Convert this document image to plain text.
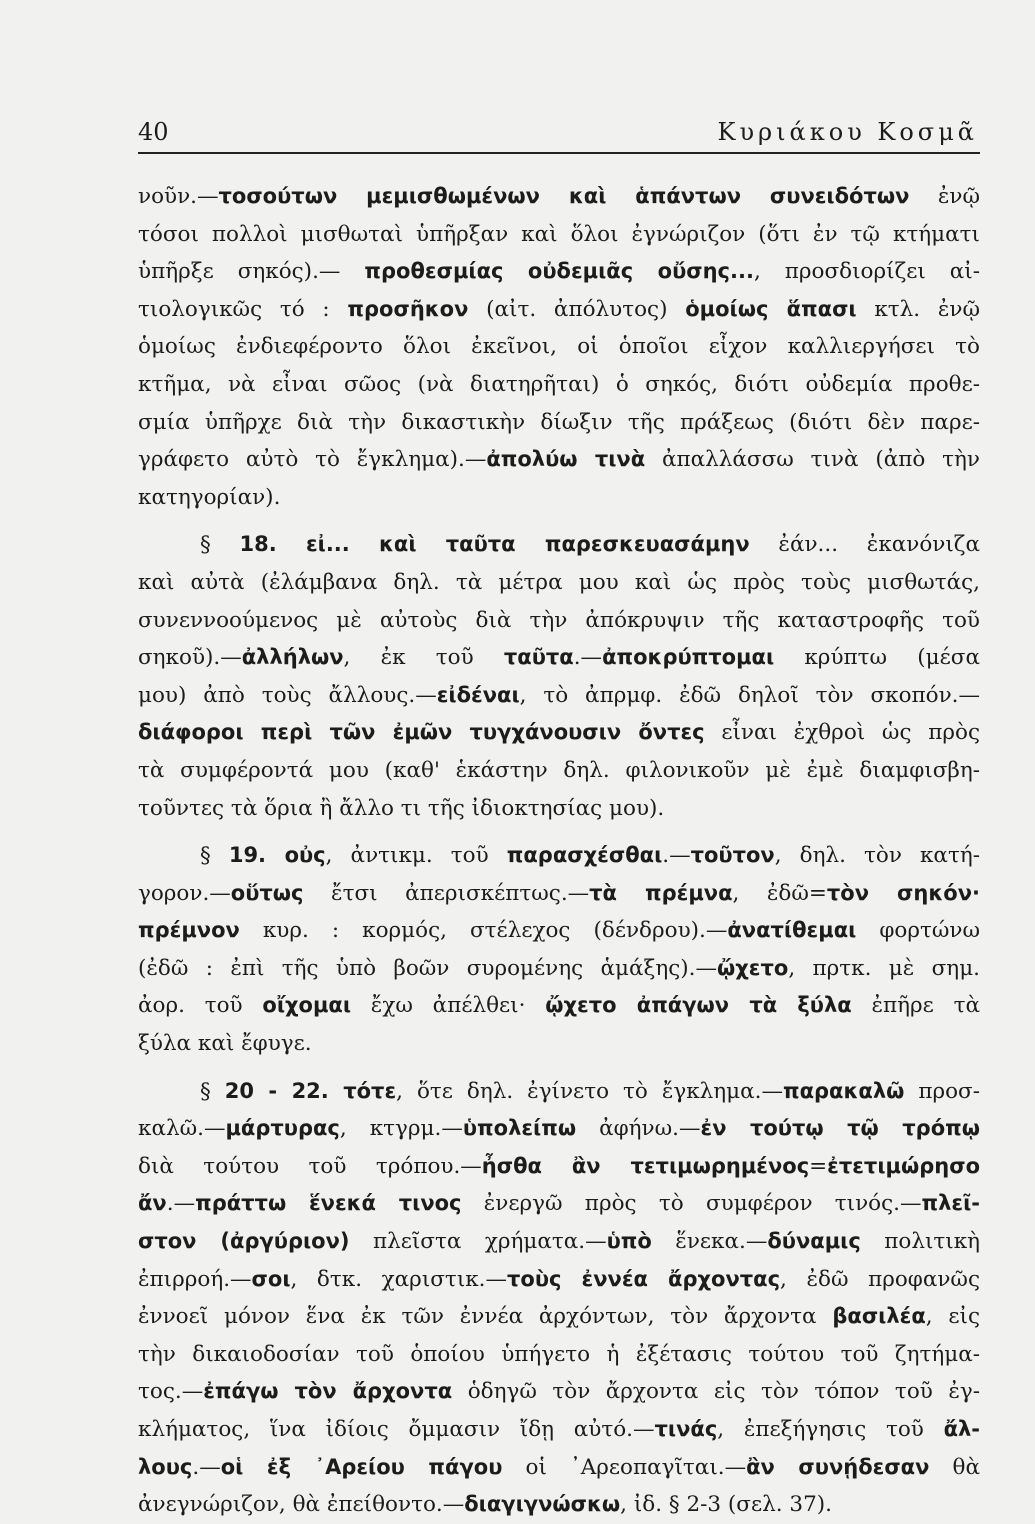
40	Κυριάκου Κοσμᾶ
νοῦν.—τοσούτων μεμισθωμένων καὶ ἁπάντων συνειδότων ἐνῷ
τόσοι πολλοὶ μισθωταὶ ὑπῆρξαν καὶ ὅλοι ἐγνώριζον (ὅτι ἐν τῷ κτήματι
ὑπῆρξε σηκός).— προθεσμίας οὐδεμιᾶς οὔσης..., προσδιορίζει αἰ-
τιολογικῶς τό : προσῆκον (αἰτ. ἀπόλυτος) ὁμοίως ἅπασι κτλ. ἐνῷ
ὁμοίως ἐνδιεφέροντο ὅλοι ἐκεῖνοι, οἱ ὁποῖοι εἶχον καλλιεργήσει τὸ
κτῆμα, νὰ εἶναι σῶος (νὰ διατηρῆται) ὁ σηκός, διότι οὐδεμία προθε-
σμία ὑπῆρχε διὰ τὴν δικαστικὴν δίωξιν τῆς πράξεως (διότι δὲν παρε-
γράφετο αὐτὸ τὸ ἔγκλημα).—ἀπολύω τινὰ ἀπαλλάσσω τινὰ (ἀπὸ τὴν
κατηγορίαν).
§ 18. εἰ... καὶ ταῦτα παρεσκευασάμην ἐάν... ἐκανόνιζα
καὶ αὐτὰ (ἐλάμβανα δηλ. τὰ μέτρα μου καὶ ὡς πρὸς τοὺς μισθωτάς,
συνεννοούμενος μὲ αὐτοὺς διὰ τὴν ἀπόκρυψιν τῆς καταστροφῆς τοῦ
σηκοῦ).—ἀλλήλων, ἐκ τοῦ ταῦτα.—ἀποκρύπτομαι κρύπτω (μέσα
μου) ἀπὸ τοὺς ἄλλους.—εἰδέναι, τὸ ἀπρμφ. ἐδῶ δηλοῖ τὸν σκοπόν.—
διάφοροι περὶ τῶν ἐμῶν τυγχάνουσιν ὄντες εἶναι ἐχθροὶ ὡς πρὸς
τὰ συμφέροντά μου (καθ' ἑκάστην δηλ. φιλονικοῦν μὲ ἐμὲ διαμφισβη-
τοῦντες τὰ ὅρια ἢ ἄλλο τι τῆς ἰδιοκτησίας μου).
§ 19. οὐς, ἀντικμ. τοῦ παρασχέσθαι.—τοῦτον, δηλ. τὸν κατή-
γορον.—οὕτως ἔτσι ἀπερισκέπτως.—τὰ πρέμνα, ἐδῶ=τὸν σηκόν·
πρέμνον κυρ. : κορμός, στέλεχος (δένδρου).—ἀνατίθεμαι φορτώνω
(ἐδῶ : ἐπὶ τῆς ὑπὸ βοῶν συρομένης ἁμάξης).—ᾤχετο, πρτκ. μὲ σημ.
ἀορ. τοῦ οἴχομαι ἔχω ἀπέλθει· ᾤχετο ἀπάγων τὰ ξύλα ἐπῆρε τὰ
ξύλα καὶ ἔφυγε.
§ 20 - 22. τότε, ὅτε δηλ. ἐγίνετο τὸ ἔγκλημα.—παρακαλῶ προσ-
καλῶ.—μάρτυρας, κτγρμ.—ὑπολείπω ἀφήνω.—ἐν τούτῳ τῷ τρόπῳ
διὰ τούτου τοῦ τρόπου.—ἦσθα ἂν τετιμωρημένος=ἐτετιμώρησο
ἄν.—πράττω ἕνεκά τινος ἐνεργῶ πρὸς τὸ συμφέρον τινός.—πλεῖ-
στον (ἀργύριον) πλεῖστα χρήματα.—ὑπὸ ἕνεκα.—δύναμις πολιτικὴ
ἐπιρροή.—σοι, δτκ. χαριστικ.—τοὺς ἐννέα ἄρχοντας, ἐδῶ προφανῶς
ἐννοεῖ μόνον ἕνα ἐκ τῶν ἐννέα ἀρχόντων, τὸν ἄρχοντα βασιλέα, εἰς
τὴν δικαιοδοσίαν τοῦ ὁποίου ὑπήγετο ἡ ἐξέτασις τούτου τοῦ ζητήμα-
τος.—ἐπάγω τὸν ἄρχοντα ὁδηγῶ τὸν ἄρχοντα εἰς τὸν τόπον τοῦ ἐγ-
κλήματος, ἵνα ἰδίοις ὄμμασιν ἴδῃ αὐτό.—τινάς, ἐπεξήγησις τοῦ ἄλ-
λους.—οἱ ἐξ ᾿Αρείου πάγου οἱ ᾿Αρεοπαγῖται.—ἂν συνῄδεσαν θὰ
ἀνεγνώριζον, θὰ ἐπείθοντο.—διαγιγνώσκω, ἰδ. § 2-3 (σελ. 37).
